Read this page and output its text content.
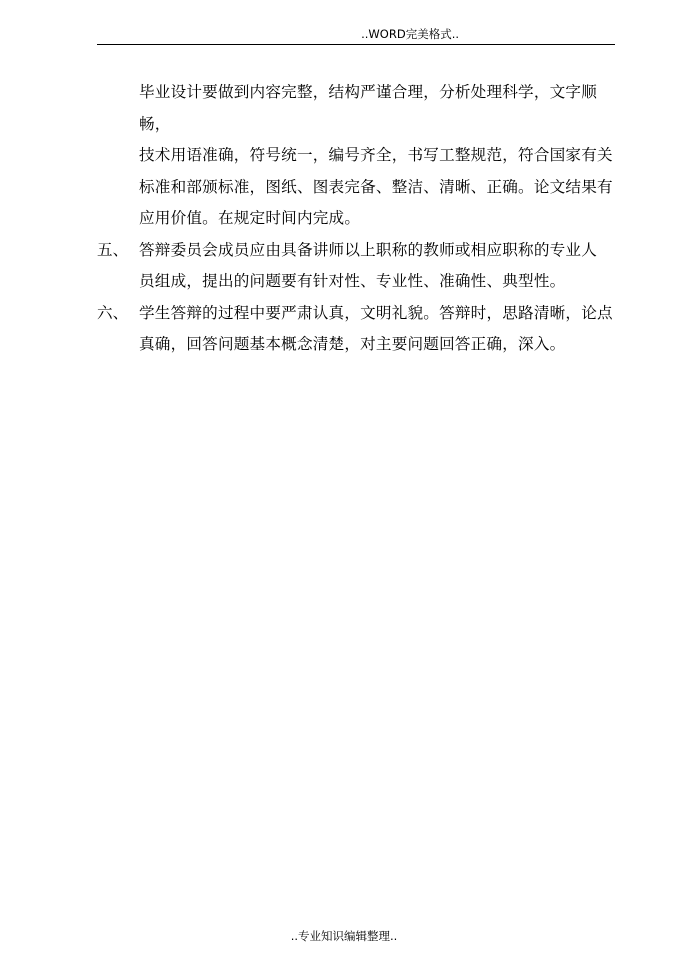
..WORD完美格式..
毕业设计要做到内容完整，结构严谨合理，分析处理科学，文字顺畅，
技术用语准确，符号统一，编号齐全，书写工整规范，符合国家有关
标准和部颁标准，图纸、图表完备、整洁、清晰、正确。论文结果有
应用价值。在规定时间内完成。
五、 答辩委员会成员应由具备讲师以上职称的教师或相应职称的专业人
员组成，提出的问题要有针对性、专业性、准确性、典型性。
六、 学生答辩的过程中要严肃认真，文明礼貌。答辩时，思路清晰，论点
真确，回答问题基本概念清楚，对主要问题回答正确，深入。
..专业知识编辑整理..
